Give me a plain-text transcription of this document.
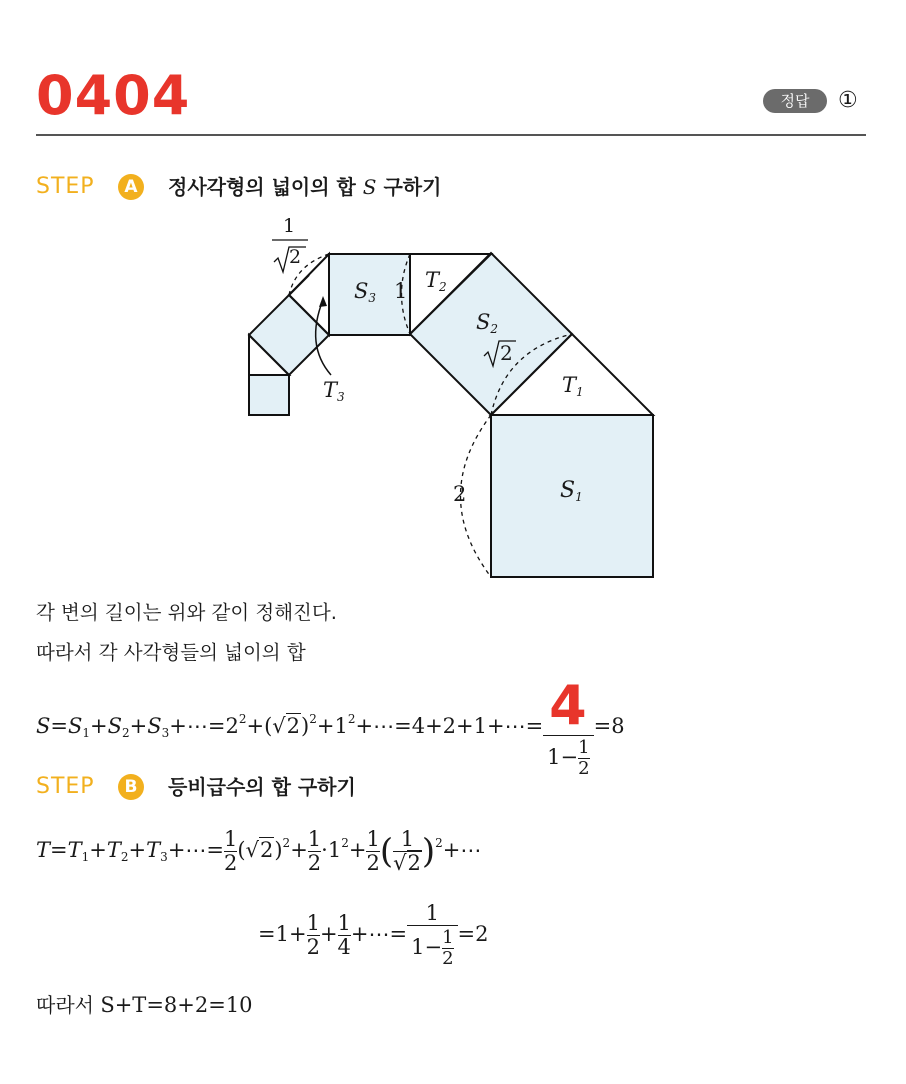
0404	정답	①
STEP	A	정사각형의 넓이의 합 S 구하기
1
2
$S_3$ 1 $T_2$
$S_2$
2
$T_1$
$T_3$
2	$S_1$
각 변의 길이는 위와 같이 정해진다.
따라서 각 사각형들의 넓이의 합
$S=S_1+S_2+S_3+\cdots=2^2+(√2)^2+1^2+\cdots=4+2+1+\cdots= \frac{4}{1- \frac{1}{2}} =8$
STEP	B	등비급수의 합 구하기
$T=T_1+T_2+T_3+\cdots= \frac{1}{2} (√2)^2+ \frac{1}{2} \cdot 1^2+ \frac{1}{2}$ ( $\frac{1}{√2}$ )$^2$+⋯
$=1+ \frac{1}{2} + \frac{1}{4}$ +⋯= $\frac{1}{1- \frac{1}{2}} =2$
따라서 S+T=8+2=10
